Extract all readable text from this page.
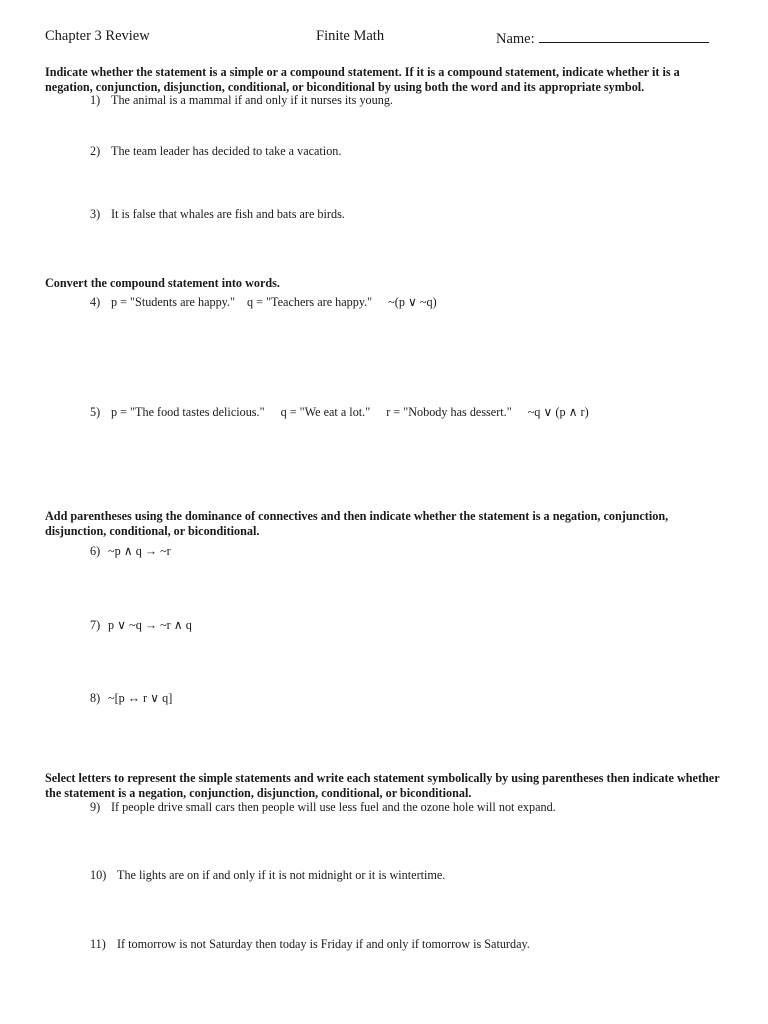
Chapter 3 Review	Finite Math	Name:
Indicate whether the statement is a simple or a compound statement. If it is a compound statement, indicate whether it is a negation, conjunction, disjunction, conditional, or biconditional by using both the word and its appropriate symbol.
1) The animal is a mammal if and only if it nurses its young.
2) The team leader has decided to take a vacation.
3) It is false that whales are fish and bats are birds.
Convert the compound statement into words.
4) p = "Students are happy." q = "Teachers are happy." ~(p ∨ ~q)
5) p = "The food tastes delicious." q = "We eat a lot." r = "Nobody has dessert." ~q ∨ (p ∧ r)
Add parentheses using the dominance of connectives and then indicate whether the statement is a negation, conjunction, disjunction, conditional, or biconditional.
6) ~p ∧ q → ~r
7) p ∨ ~q → ~r ∧ q
8) ~[p ↔ r ∨ q]
Select letters to represent the simple statements and write each statement symbolically by using parentheses then indicate whether the statement is a negation, conjunction, disjunction, conditional, or biconditional.
9) If people drive small cars then people will use less fuel and the ozone hole will not expand.
10) The lights are on if and only if it is not midnight or it is wintertime.
11) If tomorrow is not Saturday then today is Friday if and only if tomorrow is Saturday.
